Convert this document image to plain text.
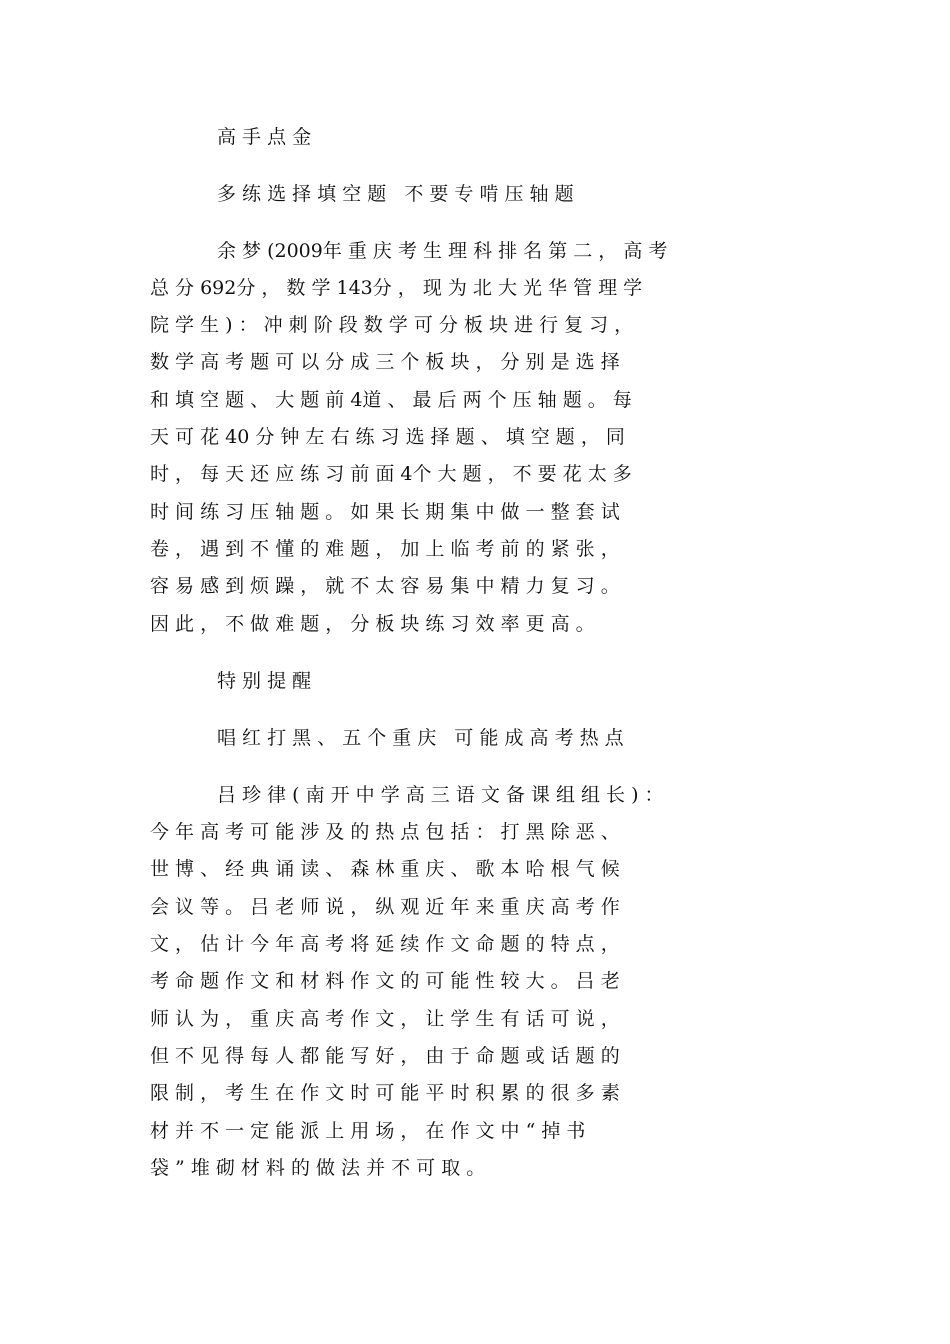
高 手 点 金
多 练 选 择 填 空 题   不 要 专 啃 压 轴 题
余 梦 (2009年 重 庆 考 生 理 科 排 名 第 二 ， 高 考
总 分 692分 ， 数 学 143分 ， 现 为 北 大 光 华 管 理 学
院 学 生 ) ： 冲 刺 阶 段 数 学 可 分 板 块 进 行 复 习 ，
数 学 高 考 题 可 以 分 成 三 个 板 块 ， 分 别 是 选 择
和 填 空 题 、 大 题 前 4道 、 最 后 两 个 压 轴 题 。 每
天 可 花 40 分 钟 左 右 练 习 选 择 题 、 填 空 题 ， 同
时 ， 每 天 还 应 练 习 前 面 4个 大 题 ， 不 要 花 太 多
时 间 练 习 压 轴 题 。 如 果 长 期 集 中 做 一 整 套 试
卷 ， 遇 到 不 懂 的 难 题 ， 加 上 临 考 前 的 紧 张 ，
容 易 感 到 烦 躁 ， 就 不 太 容 易 集 中 精 力 复 习 。
因 此 ， 不 做 难 题 ， 分 板 块 练 习 效 率 更 高 。
特 别 提 醒
唱 红 打 黑 、 五 个 重 庆   可 能 成 高 考 热 点
吕 珍 律 ( 南 开 中 学 高 三 语 文 备 课 组 组 长 ) ：
今 年 高 考 可 能 涉 及 的 热 点 包 括 ： 打 黑 除 恶 、
世 博 、 经 典 诵 读 、 森 林 重 庆 、 歌 本 哈 根 气 候
会 议 等 。 吕 老 师 说 ， 纵 观 近 年 来 重 庆 高 考 作
文 ， 估 计 今 年 高 考 将 延 续 作 文 命 题 的 特 点 ，
考 命 题 作 文 和 材 料 作 文 的 可 能 性 较 大 。 吕 老
师 认 为 ， 重 庆 高 考 作 文 ， 让 学 生 有 话 可 说 ，
但 不 见 得 每 人 都 能 写 好 ， 由 于 命 题 或 话 题 的
限 制 ， 考 生 在 作 文 时 可 能 平 时 积 累 的 很 多 素
材 并 不 一 定 能 派 上 用 场 ， 在 作 文 中 “ 掉 书
袋 ” 堆 砌 材 料 的 做 法 并 不 可 取 。
